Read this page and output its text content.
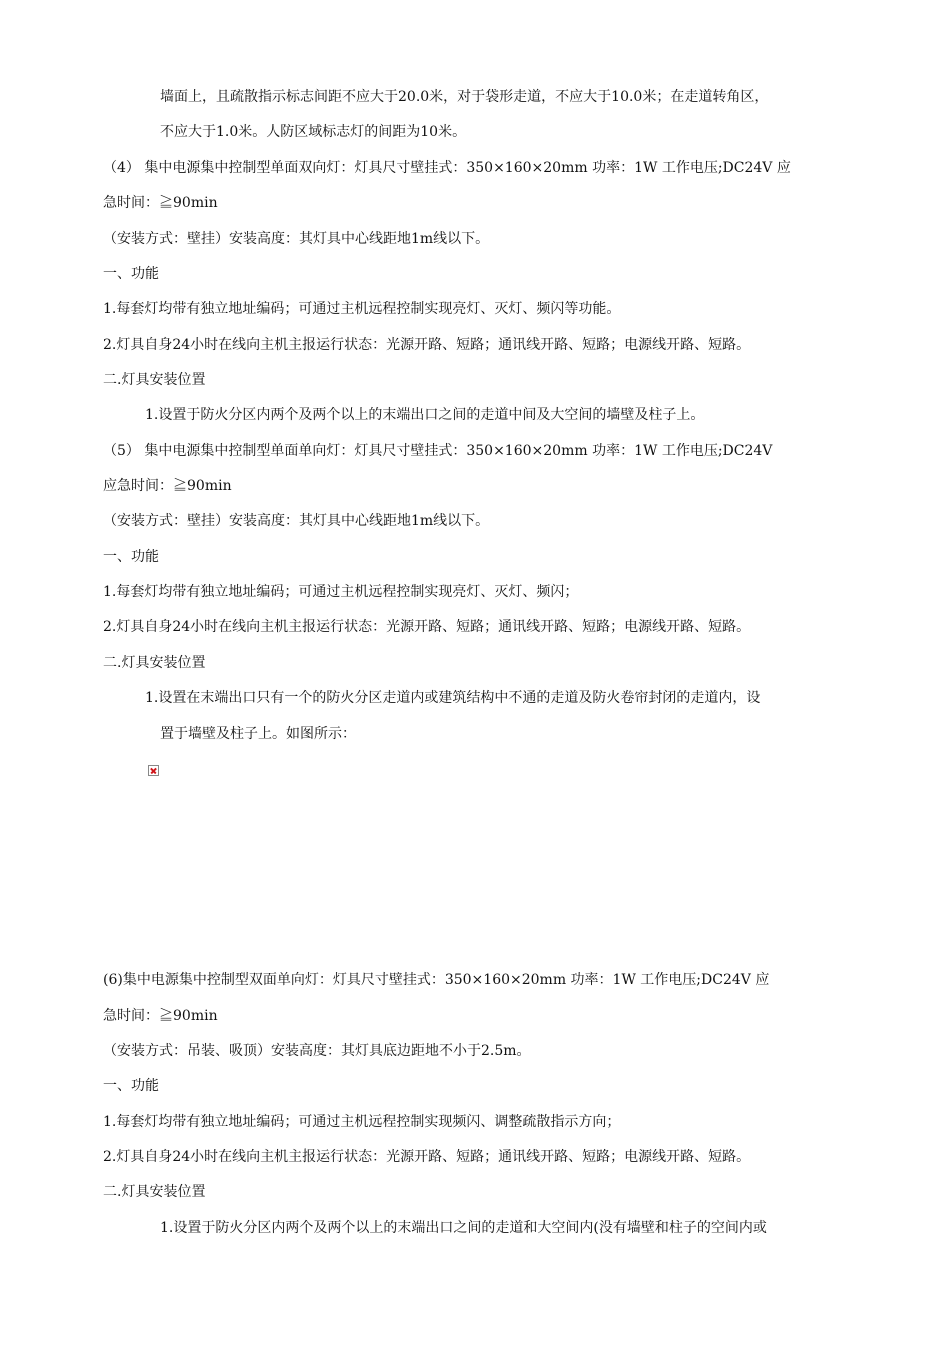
墙面上，且疏散指示标志间距不应大于20.0米，对于袋形走道，不应大于10.0米；在走道转角区，
不应大于1.0米。人防区域标志灯的间距为10米。
（4） 集中电源集中控制型单面双向灯：灯具尺寸壁挂式：350×160×20mm 功率：1W 工作电压;DC24V 应
急时间：≧90min
（安装方式：壁挂）安装高度：其灯具中心线距地1m线以下。
一、功能
1.每套灯均带有独立地址编码；可通过主机远程控制实现亮灯、灭灯、频闪等功能。
2.灯具自身24小时在线向主机主报运行状态：光源开路、短路；通讯线开路、短路；电源线开路、短路。
二.灯具安装位置
1.设置于防火分区内两个及两个以上的末端出口之间的走道中间及大空间的墙壁及柱子上。
（5） 集中电源集中控制型单面单向灯：灯具尺寸壁挂式：350×160×20mm 功率：1W 工作电压;DC24V
应急时间：≧90min
（安装方式：壁挂）安装高度：其灯具中心线距地1m线以下。
一、功能
1.每套灯均带有独立地址编码；可通过主机远程控制实现亮灯、灭灯、频闪；
2.灯具自身24小时在线向主机主报运行状态：光源开路、短路；通讯线开路、短路；电源线开路、短路。
二.灯具安装位置
1.设置在末端出口只有一个的防火分区走道内或建筑结构中不通的走道及防火卷帘封闭的走道内，设
置于墙壁及柱子上。如图所示：
(6)集中电源集中控制型双面单向灯：灯具尺寸壁挂式：350×160×20mm 功率：1W 工作电压;DC24V 应
急时间：≧90min
（安装方式：吊装、吸顶）安装高度：其灯具底边距地不小于2.5m。
一、功能
1.每套灯均带有独立地址编码；可通过主机远程控制实现频闪、调整疏散指示方向；
2.灯具自身24小时在线向主机主报运行状态：光源开路、短路；通讯线开路、短路；电源线开路、短路。
二.灯具安装位置
1.设置于防火分区内两个及两个以上的末端出口之间的走道和大空间内(没有墙壁和柱子的空间内或
